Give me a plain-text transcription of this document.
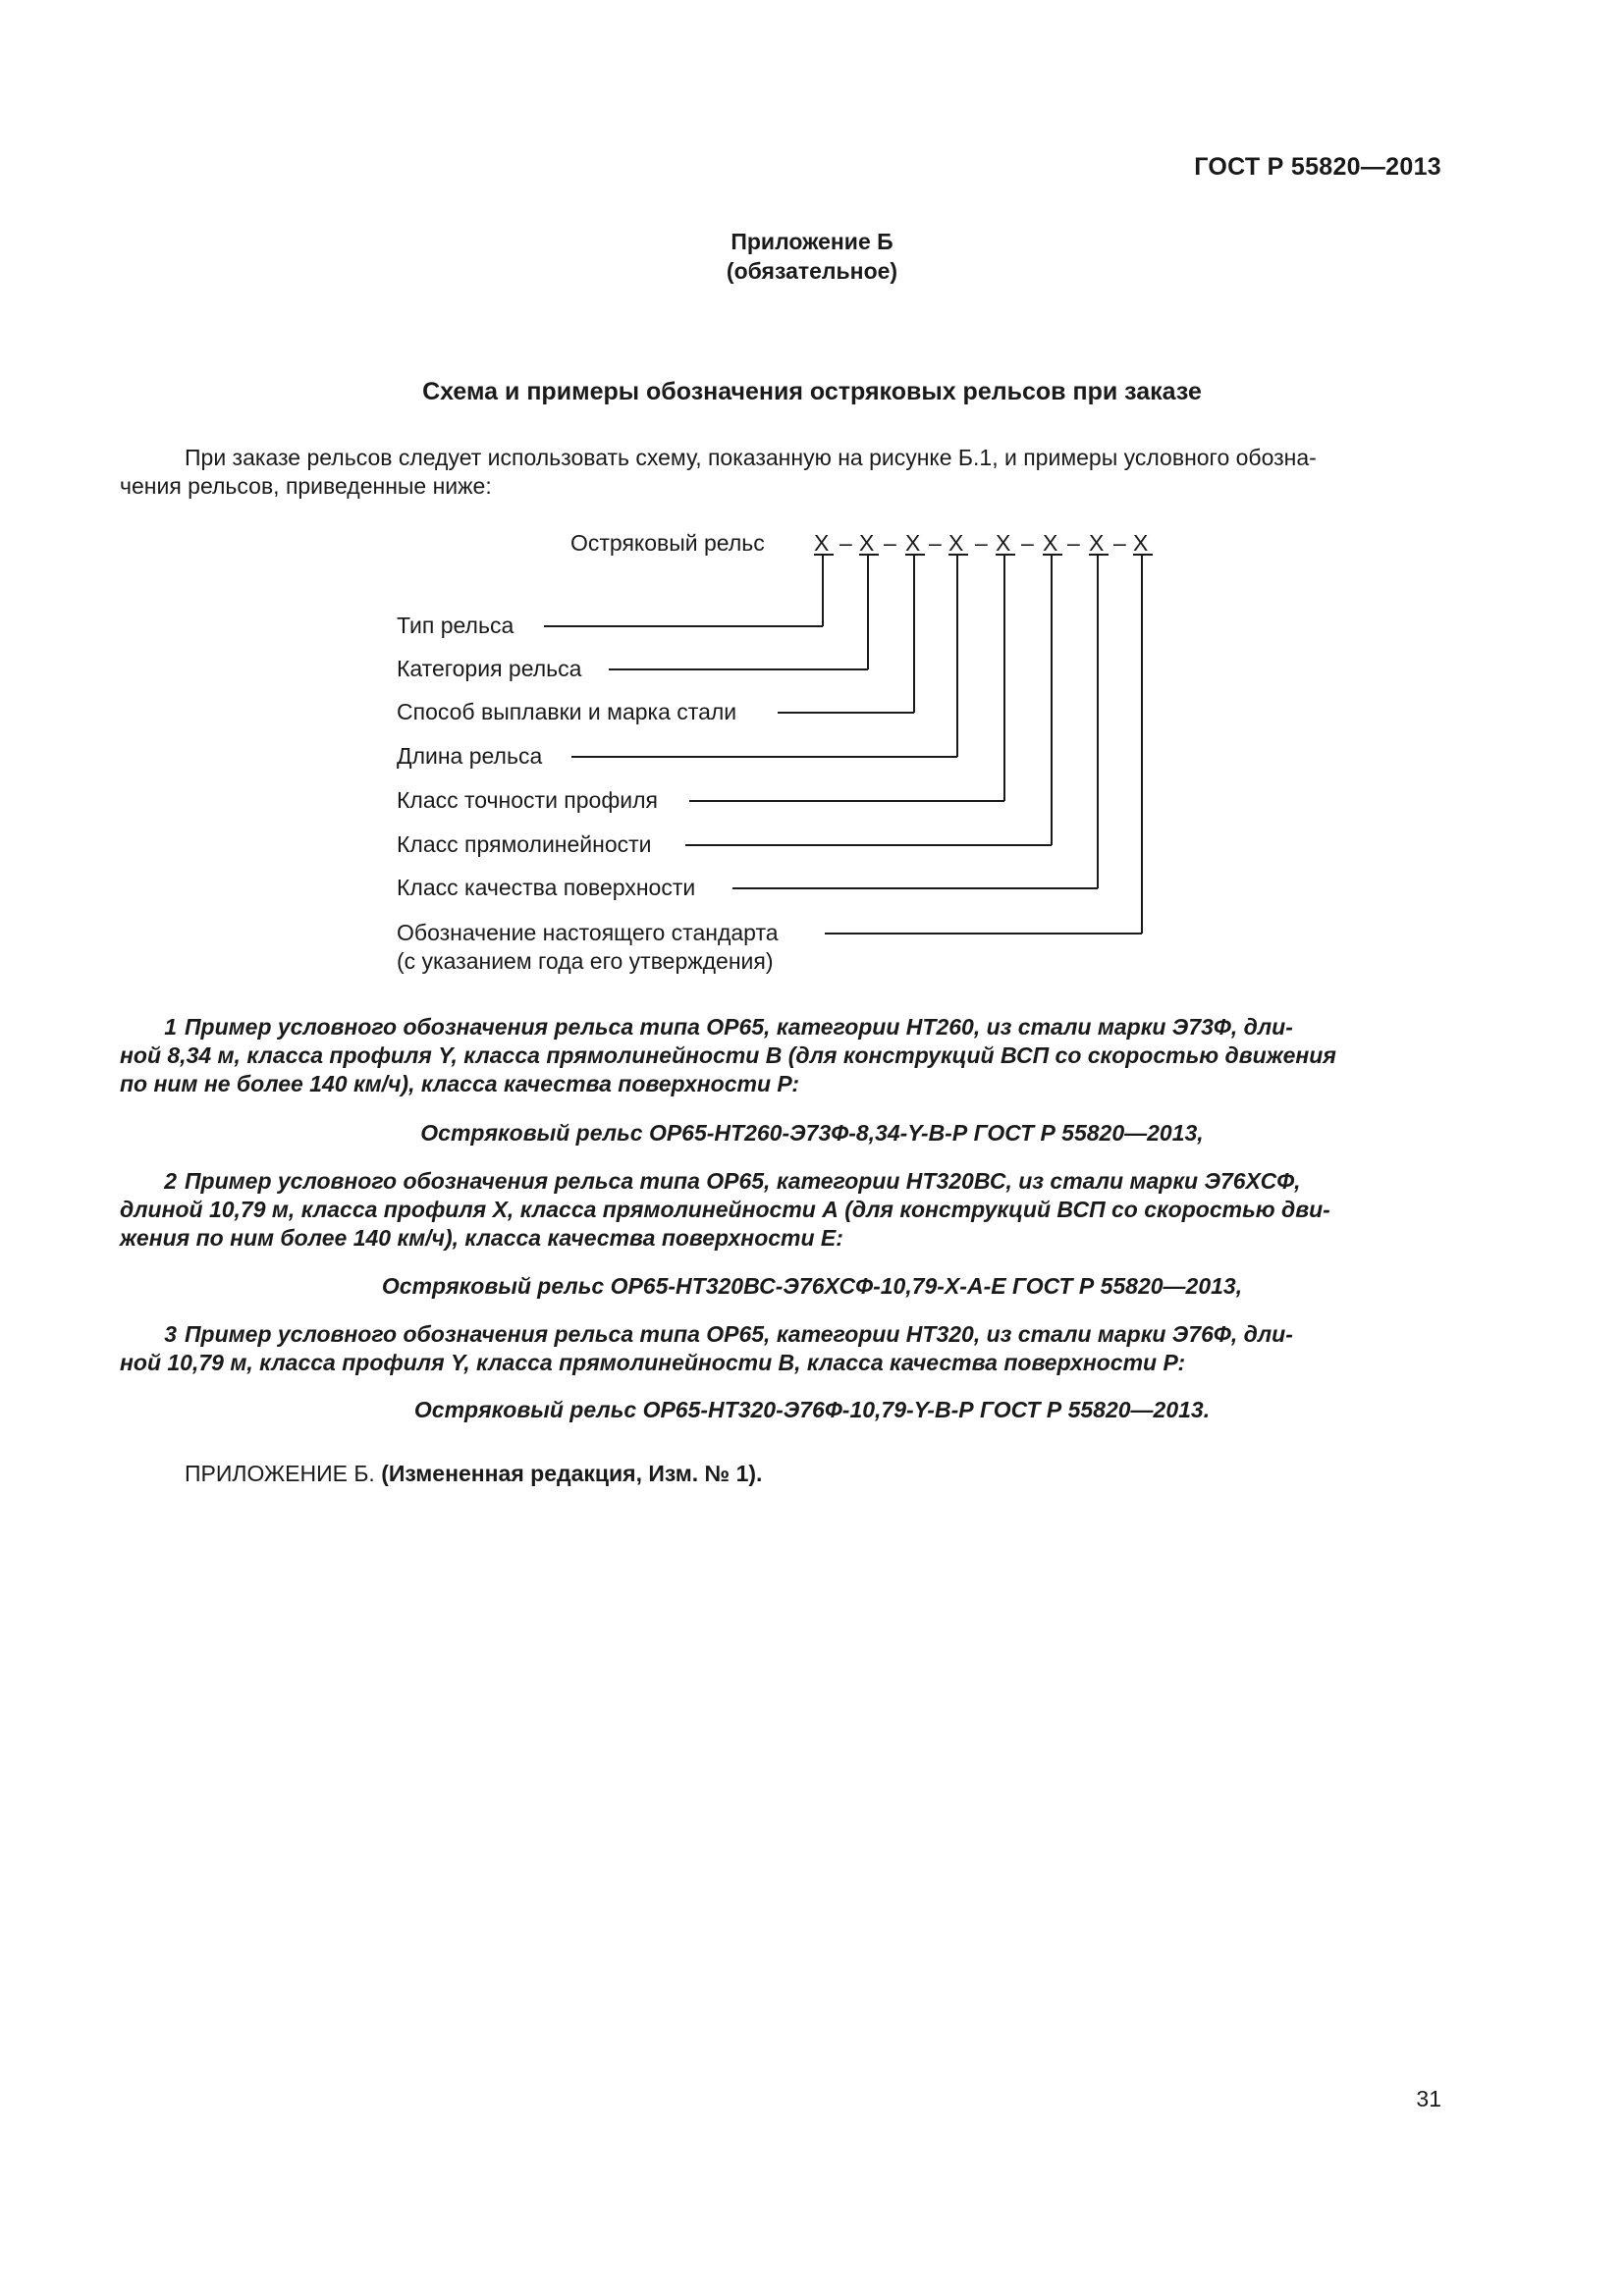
ГОСТ Р 55820—2013
Приложение Б
(обязательное)
Схема и примеры обозначения остряковых рельсов при заказе
При заказе рельсов следует использовать схему, показанную на рисунке Б.1, и примеры условного обозна-
чения рельсов, приведенные ниже:
Остряковый рельс X – X – X – X – X – X – X – X
Тип рельса
Категория рельса
Способ выплавки и марка стали
Длина рельса
Класс точности профиля
Класс прямолинейности
Класс качества поверхности
Обозначение настоящего стандарта
(с указанием года его утверждения)
1 Пример условного обозначения рельса типа ОР65, категории НТ260, из стали марки Э73Ф, дли-
ной 8,34 м, класса профиля Y, класса прямолинейности В (для конструкций ВСП со скоростью движения
по ним не более 140 км/ч), класса качества поверхности Р:
Остряковый рельс ОР65-НТ260-Э73Ф-8,34-Y-В-Р ГОСТ Р 55820—2013,
2 Пример условного обозначения рельса типа ОР65, категории НТ320ВС, из стали марки Э76ХСФ,
длиной 10,79 м, класса профиля X, класса прямолинейности А (для конструкций ВСП со скоростью дви-
жения по ним более 140 км/ч), класса качества поверхности Е:
Остряковый рельс ОР65-НТ320ВС-Э76ХСФ-10,79-Х-А-Е ГОСТ Р 55820—2013,
3 Пример условного обозначения рельса типа ОР65, категории НТ320, из стали марки Э76Ф, дли-
ной 10,79 м, класса профиля Y, класса прямолинейности В, класса качества поверхности Р:
Остряковый рельс ОР65-НТ320-Э76Ф-10,79-Y-В-Р ГОСТ Р 55820—2013.
ПРИЛОЖЕНИЕ Б. (Измененная редакция, Изм. № 1).
31
